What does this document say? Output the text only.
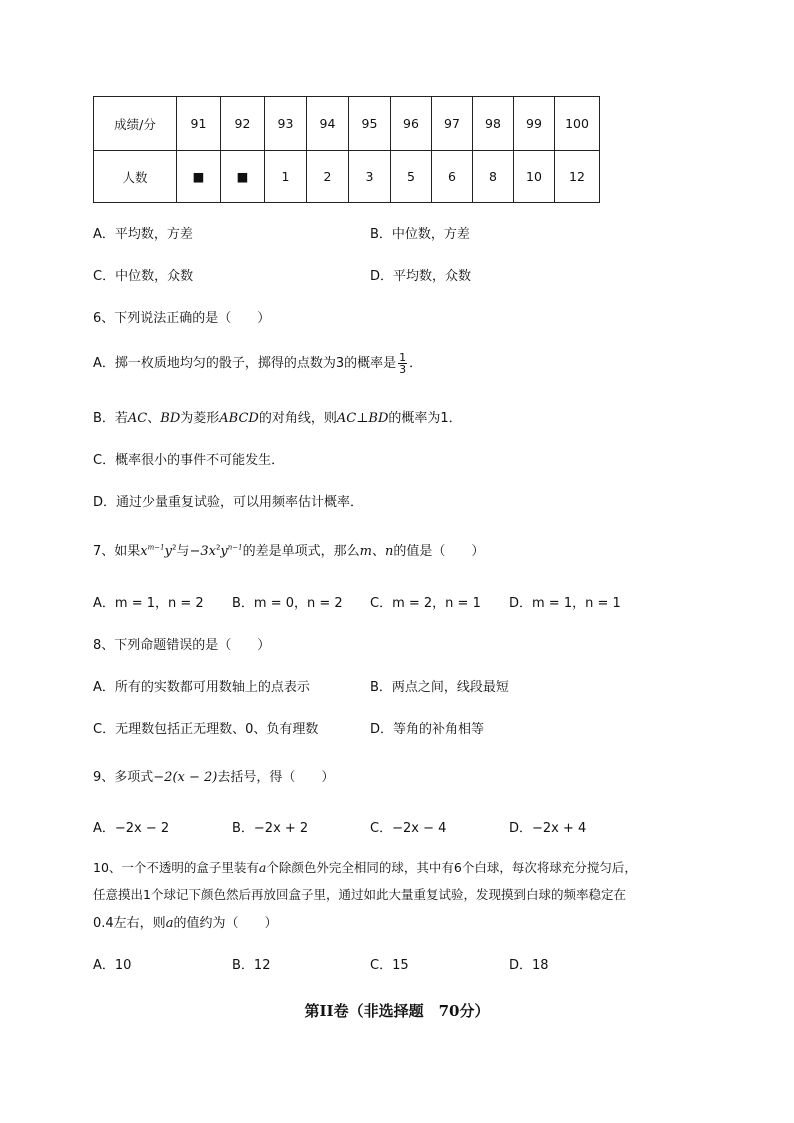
成绩/分	91	92	93	94	95	96	97	98	99	100
人数	■	■	1	2	3	5	6	8	10	12
A．平均数，方差	B．中位数，方差
C．中位数，众数	D．平均数，众数
6、下列说法正确的是（　　）
A．掷一枚质地均匀的骰子，掷得的点数为3的概率是 $\frac{1}{3}$ ．
B．若AC、BD为菱形ABCD的对角线，则AC⊥BD的概率为1．
C．概率很小的事件不可能发生．
D．通过少量重复试验，可以用频率估计概率．
7、如果$x^{m-1}y^2$与$-3x^2y^{n-1}$的差是单项式，那么m、n的值是（　　）
A．m = 1，n = 2 B．m = 0，n = 2 C．m = 2，n = 1 D．m = 1，n = 1
8、下列命题错误的是（　　）
A．所有的实数都可用数轴上的点表示	B．两点之间，线段最短
C．无理数包括正无理数、0、负有理数	D．等角的补角相等
9、多项式−2(x − 2)去括号，得（　　）
A．−2x − 2	B．−2x + 2	C．−2x − 4	D．−2x + 4
10、一个不透明的盒子里装有a个除颜色外完全相同的球，其中有6个白球，每次将球充分搅匀后，
任意摸出1个球记下颜色然后再放回盒子里，通过如此大量重复试验，发现摸到白球的频率稳定在
0.4左右，则a的值约为（　　）
A．10	B．12	C．15	D．18
第II卷（非选择题　70分）
